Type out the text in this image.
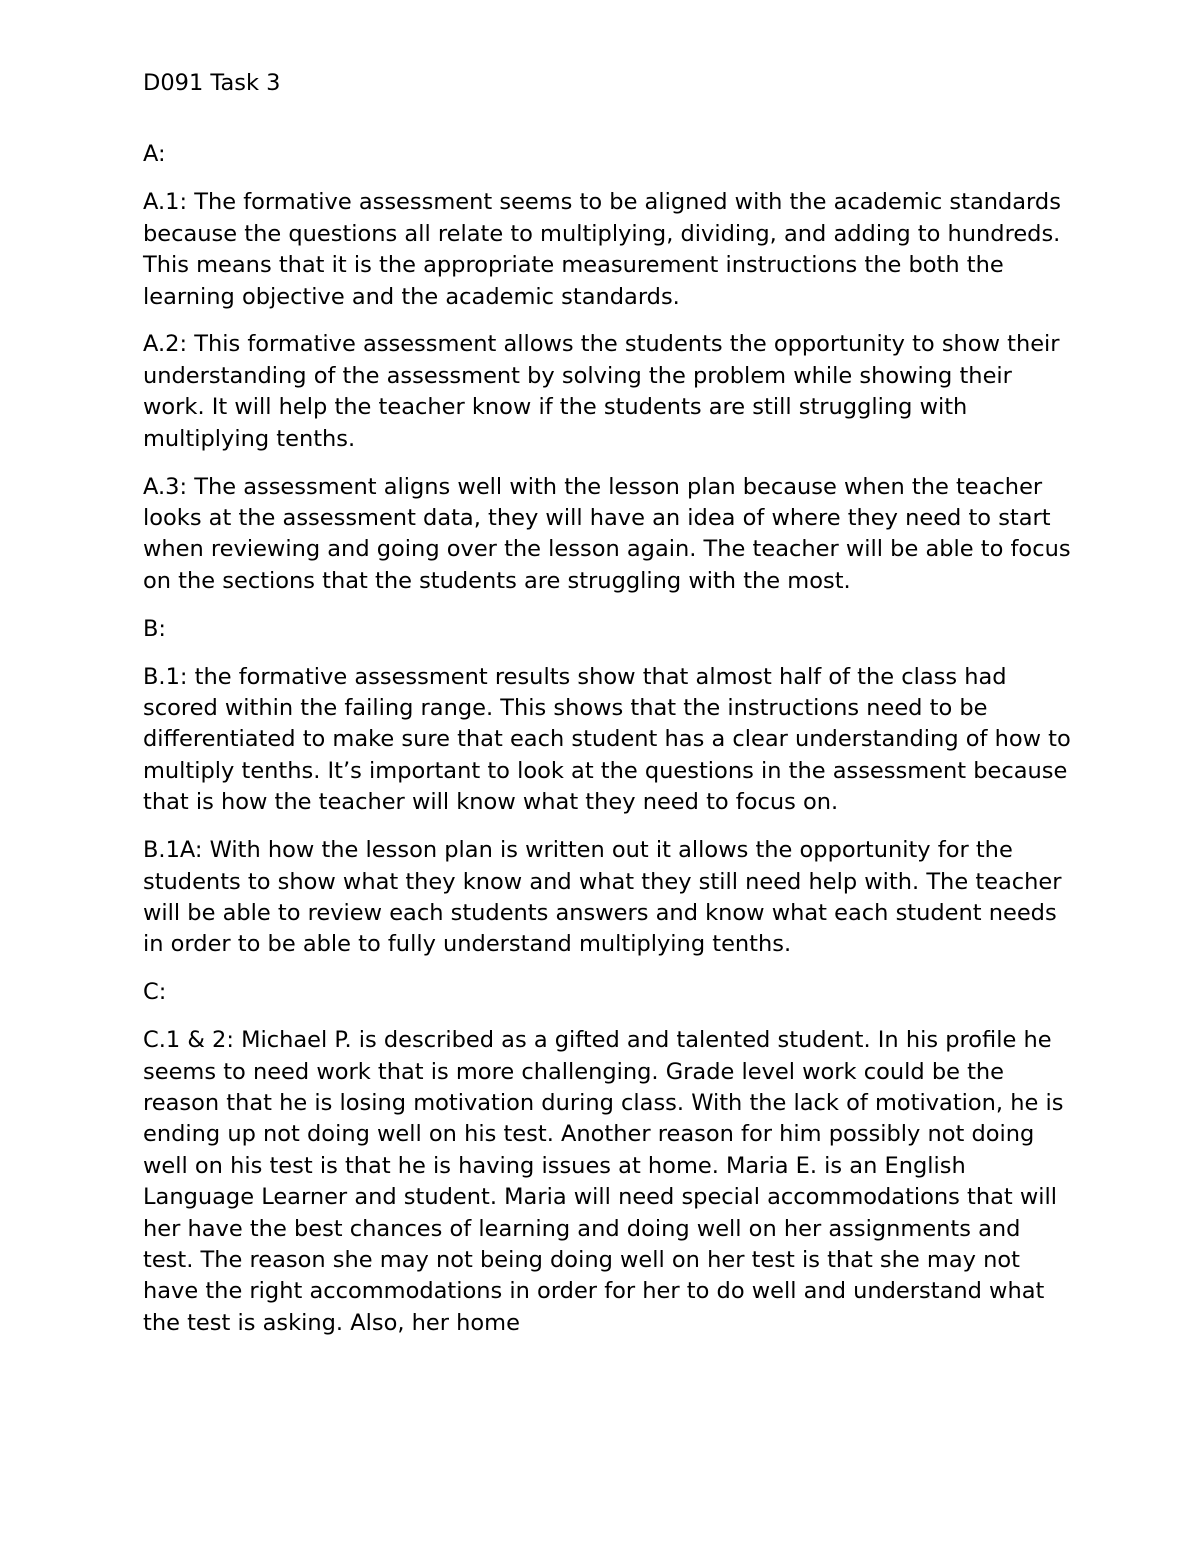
D091 Task 3

A:

A.1: The formative assessment seems to be aligned with the academic standards because the questions all relate to multiplying, dividing, and adding to hundreds. This means that it is the appropriate measurement instructions the both the learning objective and the academic standards.

A.2: This formative assessment allows the students the opportunity to show their understanding of the assessment by solving the problem while showing their work. It will help the teacher know if the students are still struggling with multiplying tenths.

A.3: The assessment aligns well with the lesson plan because when the teacher looks at the assessment data, they will have an idea of where they need to start when reviewing and going over the lesson again. The teacher will be able to focus on the sections that the students are struggling with the most.

B:

B.1: the formative assessment results show that almost half of the class had scored within the failing range. This shows that the instructions need to be differentiated to make sure that each student has a clear understanding of how to multiply tenths. It’s important to look at the questions in the assessment because that is how the teacher will know what they need to focus on.

B.1A: With how the lesson plan is written out it allows the opportunity for the students to show what they know and what they still need help with. The teacher will be able to review each students answers and know what each student needs in order to be able to fully understand multiplying tenths.

C:

C.1 & 2: Michael P. is described as a gifted and talented student. In his profile he seems to need work that is more challenging. Grade level work could be the reason that he is losing motivation during class. With the lack of motivation, he is ending up not doing well on his test. Another reason for him possibly not doing well on his test is that he is having issues at home. Maria E. is an English Language Learner and student. Maria will need special accommodations that will her have the best chances of learning and doing well on her assignments and test. The reason she may not being doing well on her test is that she may not have the right accommodations in order for her to do well and understand what the test is asking. Also, her home
